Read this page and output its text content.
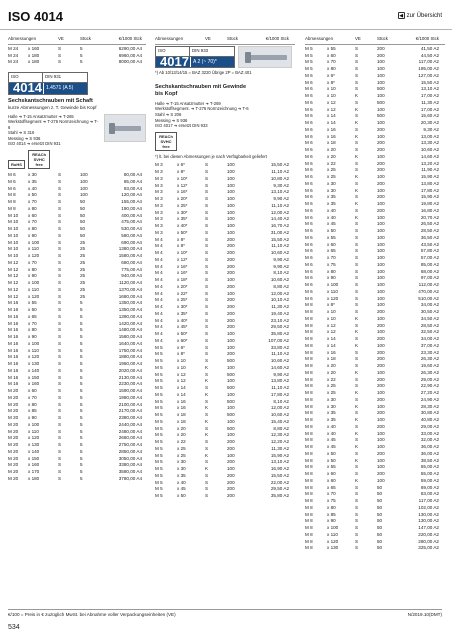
ISO 4014	◀ zur Übersicht
Abmessungen	VE	Stück	€/1000 Stck
M 24	x 160	S	5	6290,00 A4
M 24	x 180	S	5	6960,00 A4
M 24	x 180	S	5	8000,00 A4
ISO	DIN 931
4014 1.4571 (A 5)
Sechskantschrauben mit Schaft
kurze Abmessungen z. T. Gewinde bis Kopf
Halle ➜ T-15 Ansatzmutter ➜ T-265
Werkstoffsegment ➜ T-276 Normzeichnung ➜ T-6
Stahl ➜ S 316
Messing ➜ S 936
ISO 4014 ➜ ersetzt DIN 931
RoHS REACh SVHC free
M 6	x 30	S	100	80,00 A4
M 6	x 35	S	100	85,00 A4
M 6	x 40	S	100	93,00 A4
M 8	x 50	S	100	120,00 A4
M 8	x 70	S	50	155,00 A4
M 8	x 80	S	50	190,00 A4
M 10	x 60	S	50	400,00 A4
M 10	x 70	S	50	475,00 A4
M 10	x 80	S	50	530,00 A4
M 10	x 90	S	50	580,00 A4
M 10	x 100	S	25	690,00 A4
M 10	x 110	S	25	1380,00 A4
M 10	x 120	S	25	1580,00 A4
M 12	x 70	S	25	680,00 A4
M 12	x 80	S	25	775,00 A4
M 12	x 90	S	25	940,00 A4
M 12	x 100	S	25	1120,00 A4
M 12	x 110	S	25	1370,00 A4
M 12	x 120	S	25	1680,00 A4
M 16	x 55	S	5	1350,00 A4
M 16	x 60	S	5	1350,00 A4
M 16	x 65	S	5	1390,00 A4
M 16	x 70	S	5	1420,00 A4
M 16	x 80	S	5	1480,00 A4
M 16	x 90	S	5	1580,00 A4
M 16	x 100	S	5	1640,00 A4
M 16	x 110	S	5	1750,00 A4
M 16	x 120	S	5	1880,00 A4
M 16	x 130	S	5	1960,00 A4
M 16	x 140	S	5	2020,00 A4
M 16	x 150	S	5	2130,00 A4
M 16	x 160	S	5	2230,00 A4
M 20	x 60	S	5	1590,00 A4
M 20	x 70	S	5	1980,00 A4
M 20	x 80	S	5	2100,00 A4
M 20	x 85	S	5	2170,00 A4
M 20	x 90	S	5	2380,00 A4
M 20	x 100	S	5	2440,00 A4
M 20	x 110	S	5	2480,00 A4
M 20	x 120	S	5	2660,00 A4
M 20	x 130	S	5	2750,00 A4
M 20	x 140	S	5	2850,00 A4
M 20	x 150	S	5	3050,00 A4
M 20	x 160	S	5	3380,00 A4
M 20	x 170	S	5	3580,00 A4
M 20	x 180	S	5	3780,00 A4
Abmessungen	VE	Stück	€/1000 Stck
ISO	DIN 933
4017 A 2 (~ 70)*
*) Ab 10/13/14/15 = BAZ 3220 Übrige 2P = BAZ 401
Sechskantschrauben mit Gewinde bis Kopf
Halle ➜ T-15 Ansatzmutter ➜ T-269
Werkstoffsegment. ➜ T-276 Normzeichnung ➜ T-6
Stahl ➜ S 206
Messing ➜ S 936
ISO 4017 ➜ ersetzt DIN 933
REACh SVHC free
*) lt. bei diesen Abmessungen je nach Verfügbarkeit geliefert
M 3	x 6*	S	100	15,50 A2
M 3	x 8*	S	100	11,10 A2
M 3	x 10*	S	100	10,80 A2
M 3	x 12*	S	100	9,30 A2
M 3	x 16*	S	100	13,10 A2
M 3	x 20*	S	100	9,90 A2
M 3	x 25*	S	100	11,10 A2
M 3	x 30*	S	100	12,00 A2
M 3	x 35*	S	100	14,40 A2
M 3	x 40*	S	100	16,70 A2
M 3	x 50*	S	100	31,00 A2
M 4	x 8*	S	200	15,50 A2
M 4	x 8*	S	200	11,10 A2
M 4	x 10*	S	200	10,60 A2
M 4	x 12*	S	200	9,90 A2
M 4	x 16*	S	200	9,90 A2
M 4	x 16*	S	200	8,10 A2
M 4	x 18*	S	100	10,60 A2
M 4	x 20*	S	200	8,80 A2
M 4	x 22*	S	100	12,00 A2
M 4	x 25*	S	200	10,10 A2
M 4	x 30*	S	200	11,30 A2
M 4	x 35*	S	200	19,40 A2
M 4	x 40*	S	200	23,10 A2
M 4	x 45*	S	200	29,50 A2
M 4	x 50*	S	100	35,80 A2
M 4	x 60*	S	100	107,00 A2
M 5	x 6*	S	100	33,80 A2
M 5	x 8*	S	200	11,10 A2
M 5	x 10	S	500	10,60 A2
M 5	x 10	K	100	14,60 A2
M 5	x 12	S	500	9,90 A2
M 5	x 12	K	100	13,80 A2
M 5	x 14	S	500	11,10 A2
M 5	x 14	K	100	17,80 A2
M 5	x 16	S	500	8,10 A2
M 5	x 16	K	100	12,00 A2
M 5	x 18	S	500	10,60 A2
M 5	x 18	K	100	15,40 A2
M 5	x 20	S	500	8,80 A2
M 5	x 20	K	100	12,30 A2
M 5	x 22	S	200	12,20 A2
M 5	x 25	S	200	11,30 A2
M 5	x 25	K	100	15,90 A2
M 5	x 30	S	200	13,10 A2
M 5	x 30	K	100	16,90 A2
M 5	x 35	S	200	15,50 A2
M 5	x 40	S	200	22,00 A2
M 5	x 45	S	200	29,50 A2
M 5	x 50	S	200	35,80 A2
Abmessungen	VE	Stück	€/1000 Stck
M 5	x 55	S	200	41,50 A2
M 5	x 60	S	200	44,50 A2
M 5	x 70	S	100	117,00 A2
M 5	x 80	S	100	195,00 A2
M 6	x 6*	S	100	127,00 A2
M 6	x 8*	S	100	15,50 A2
M 6	x 10	S	500	13,10 A2
M 6	x 10	K	100	17,00 A2
M 6	x 12	S	500	11,30 A2
M 6	x 12	K	100	17,00 A2
M 6	x 14	S	500	15,60 A2
M 6	x 14	K	100	20,30 A2
M 6	x 16	S	200	9,30 A2
M 6	x 16	K	100	13,00 A2
M 6	x 18	S	200	13,30 A2
M 6	x 20	S	200	10,60 A2
M 6	x 20	K	100	14,60 A2
M 6	x 22	S	200	13,20 A2
M 6	x 25	S	200	11,90 A2
M 6	x 25	K	100	15,90 A2
M 6	x 30	S	200	13,80 A2
M 6	x 30	K	100	17,80 A2
M 6	x 35	S	200	15,90 A2
M 6	x 35	K	100	19,80 A2
M 6	x 40	S	200	16,80 A2
M 6	x 40	K	100	20,70 A2
M 6	x 45	S	100	26,50 A2
M 6	x 50	S	100	28,50 A2
M 6	x 55	S	100	36,50 A2
M 6	x 60	S	100	43,50 A2
M 6	x 65	S	100	57,80 A2
M 6	x 70	S	100	57,00 A2
M 6	x 75	S	100	85,00 A2
M 6	x 80	S	100	68,00 A2
M 6	x 90	S	100	97,00 A2
M 6	x 100	S	100	112,00 A2
M 6	x 110	S	100	470,00 A2
M 6	x 120	S	100	510,00 A2
M 8	x 8*	S	100	34,00 A2
M 8	x 10	S	200	30,50 A2
M 8	x 10	K	100	34,50 A2
M 8	x 12	S	200	28,50 A2
M 8	x 12	K	100	32,50 A2
M 8	x 14	S	200	34,00 A2
M 8	x 14	K	100	37,00 A2
M 8	x 16	S	200	23,30 A2
M 8	x 18	S	200	26,30 A2
M 8	x 20	S	200	19,60 A2
M 8	x 20	K	100	26,30 A2
M 8	x 22	S	200	29,00 A2
M 8	x 25	S	200	22,90 A2
M 8	x 25	K	100	27,20 A2
M 8	x 30	S	200	24,90 A2
M 8	x 30	K	100	28,30 A2
M 8	x 35	S	200	30,80 A2
M 8	x 35	K	100	40,80 A2
M 8	x 40	S	200	29,00 A2
M 8	x 40	K	100	33,00 A2
M 8	x 45	S	100	32,00 A2
M 8	x 45	K	100	36,00 A2
M 8	x 50	S	200	36,00 A2
M 8	x 50	K	100	38,50 A2
M 8	x 55	S	100	55,00 A2
M 8	x 60	S	200	55,00 A2
M 8	x 60	K	100	59,00 A2
M 8	x 65	S	50	69,00 A2
M 8	x 70	S	50	83,00 A2
M 8	x 75	S	50	117,00 A2
M 8	x 80	S	50	102,00 A2
M 8	x 85	S	50	130,00 A2
M 8	x 90	S	50	130,00 A2
M 8	x 100	S	50	147,00 A2
M 8	x 110	S	50	220,00 A2
M 8	x 120	S	50	280,00 A2
M 8	x 130	S	50	325,00 A2
€/100 = Preis in € zuzüglich MwSt. bei Abnahme voller Verpackungseinheiten (VE)	N/2019.10(DMT)
534
